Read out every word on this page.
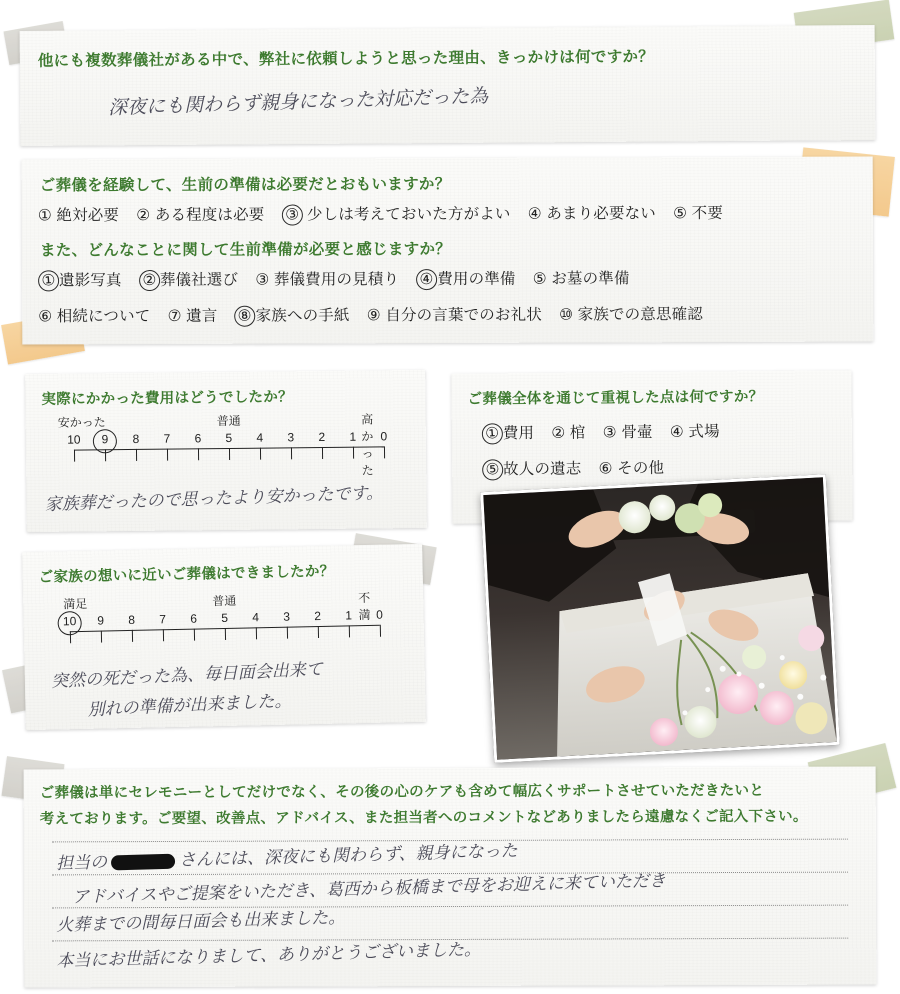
他にも複数葬儀社がある中で、弊社に依頼しようと思った理由、きっかけは何ですか？
深夜にも関わらず親身になった対応だった為
ご葬儀を経験して、生前の準備は必要だとおもいますか？
① 絶対必要 ② ある程度は必要 ③ 少しは考えておいた方がよい ④ あまり必要ない ⑤ 不要
また、どんなことに関して生前準備が必要と感じますか？
① 遺影写真 ② 葬儀社選び ③ 葬儀費用の見積り ④ 費用の準備 ⑤ お墓の準備
⑥ 相続について ⑦ 遺言 ⑧ 家族への手紙 ⑨ 自分の言葉でのお礼状 ⑩ 家族での意思確認
実際にかかった費用はどうでしたか？
安かった	普通	高かった
10 9 8 7 6 5 4 3 2 1 0
家族葬だったので思ったより安かったです。
ご葬儀全体を通じて重視した点は何ですか？
① 費用 ② 棺 ③ 骨壷 ④ 式場
⑤ 故人の遺志 ⑥ その他
ご家族の想いに近いご葬儀はできましたか？
満足	普通	不満
10 9 8 7 6 5 4 3 2 1 0
突然の死だった為、毎日面会出来て
別れの準備が出来ました。
ご葬儀は単にセレモニーとしてだけでなく、その後の心のケアも含めて幅広くサポートさせていただきたいと
考えております。ご要望、改善点、アドバイス、また担当者へのコメントなどありましたら遠慮なくご記入下さい。
担当の	さんには、深夜にも関わらず、親身になった
アドバイスやご提案をいただき、葛西から板橋まで母をお迎えに来ていただき
火葬までの間毎日面会も出来ました。
本当にお世話になりまして、ありがとうございました。
